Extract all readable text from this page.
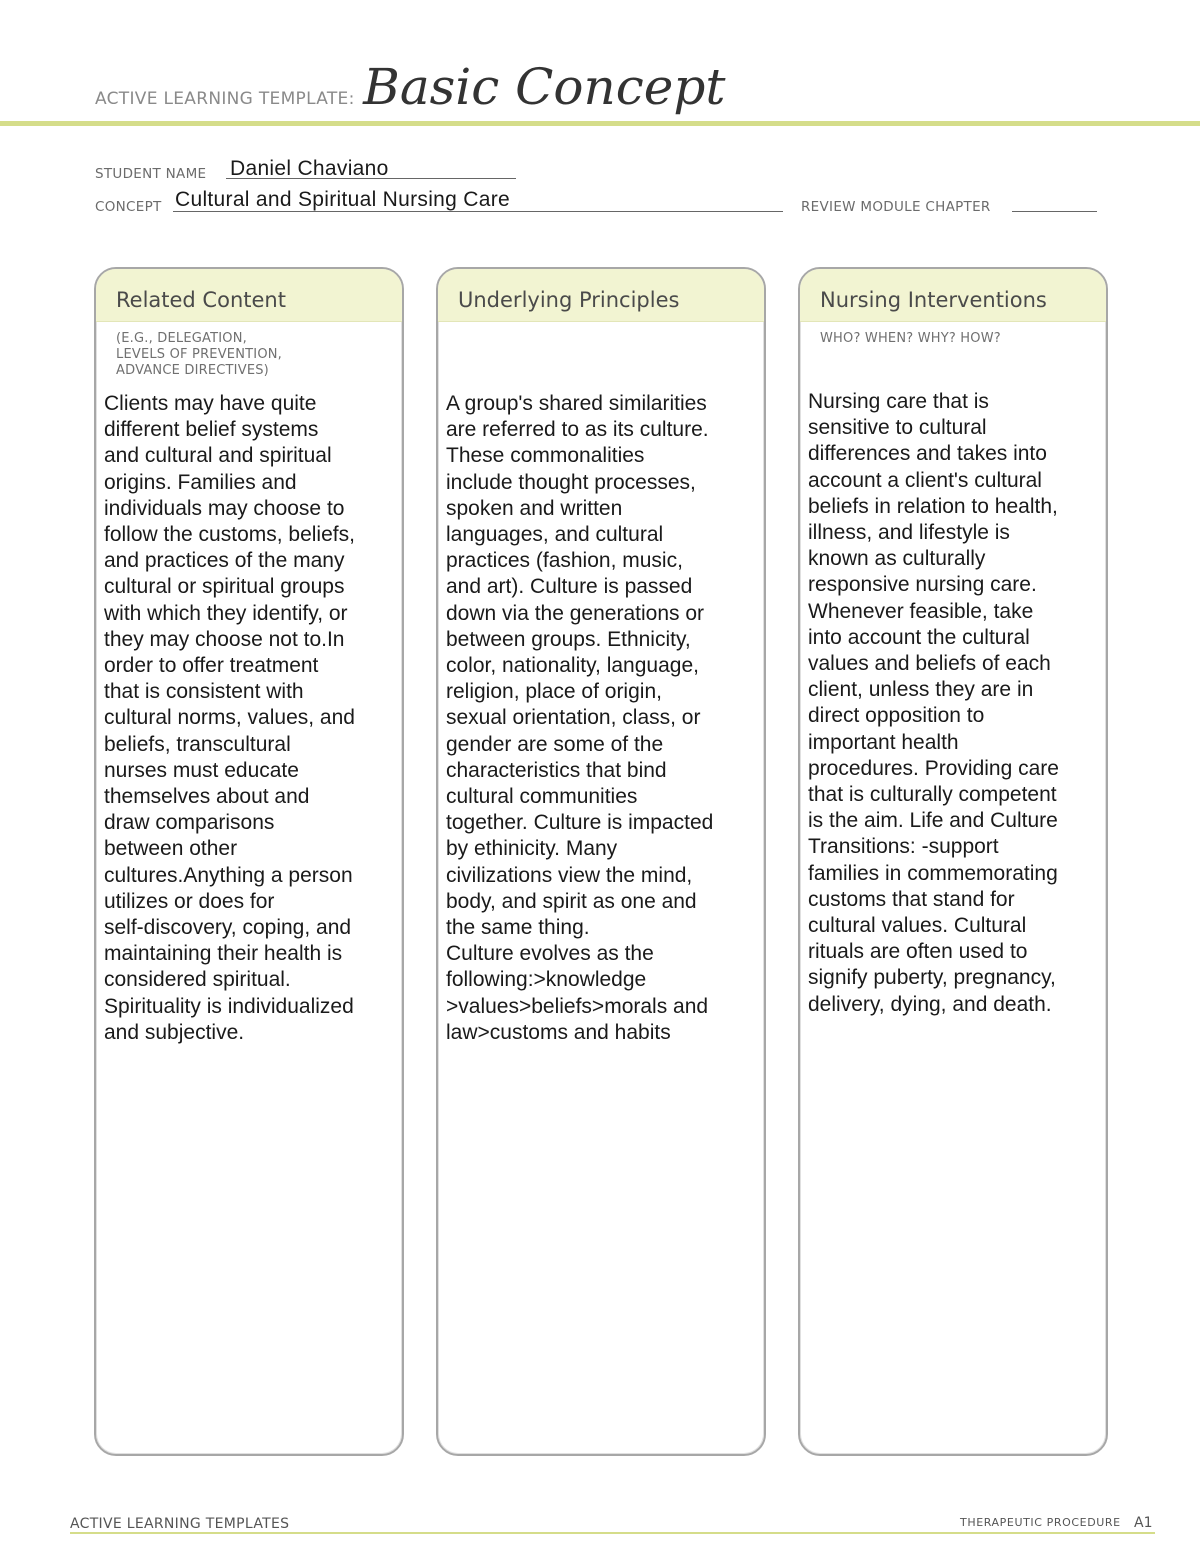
ACTIVE LEARNING TEMPLATE: Basic Concept
STUDENT NAME Daniel Chaviano
CONCEPT Cultural and Spiritual Nursing Care	REVIEW MODULE CHAPTER
Related Content
(E.G., DELEGATION,
LEVELS OF PREVENTION,
ADVANCE DIRECTIVES)
Clients may have quite
different belief systems
and cultural and spiritual
origins. Families and
individuals may choose to
follow the customs, beliefs,
and practices of the many
cultural or spiritual groups
with which they identify, or
they may choose not to.In
order to offer treatment
that is consistent with
cultural norms, values, and
beliefs, transcultural
nurses must educate
themselves about and
draw comparisons
between other
cultures.Anything a person
utilizes or does for
self-discovery, coping, and
maintaining their health is
considered spiritual.
Spirituality is individualized
and subjective.
Underlying Principles
A group's shared similarities
are referred to as its culture.
These commonalities
include thought processes,
spoken and written
languages, and cultural
practices (fashion, music,
and art). Culture is passed
down via the generations or
between groups. Ethnicity,
color, nationality, language,
religion, place of origin,
sexual orientation, class, or
gender are some of the
characteristics that bind
cultural communities
together. Culture is impacted
by ethinicity. Many
civilizations view the mind,
body, and spirit as one and
the same thing.
Culture evolves as the
following:>knowledge
>values>beliefs>morals and
law>customs and habits
Nursing Interventions
WHO? WHEN? WHY? HOW?
Nursing care that is
sensitive to cultural
differences and takes into
account a client's cultural
beliefs in relation to health,
illness, and lifestyle is
known as culturally
responsive nursing care.
Whenever feasible, take
into account the cultural
values and beliefs of each
client, unless they are in
direct opposition to
important health
procedures. Providing care
that is culturally competent
is the aim. Life and Culture
Transitions: -support
families in commemorating
customs that stand for
cultural values. Cultural
rituals are often used to
signify puberty, pregnancy,
delivery, dying, and death.
ACTIVE LEARNING TEMPLATES	THERAPEUTIC PROCEDURE A1
